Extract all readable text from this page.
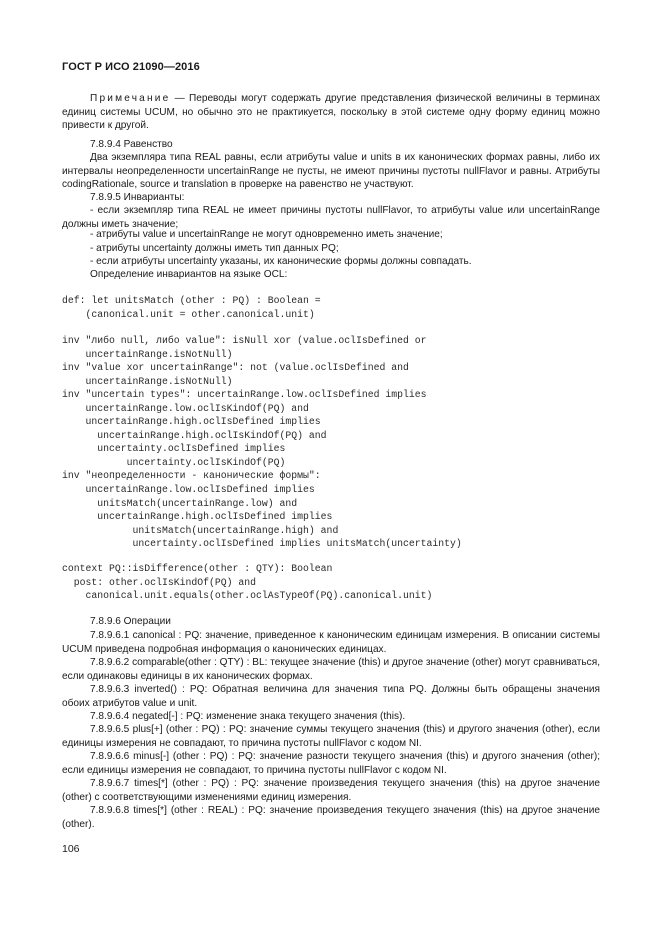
ГОСТ Р ИСО 21090—2016

Примечание — Переводы могут содержать другие представления физической величины в терминах единиц системы UCUM, но обычно это не практикуется, поскольку в этой системе одну форму единиц можно привести к другой.

7.8.9.4 Равенство

Два экземпляра типа REAL равны, если атрибуты value и units в их канонических формах равны, либо их интервалы неопределенности uncertainRange не пусты, не имеют причины пустоты nullFlavor и равны. Атрибуты codingRationale, source и translation в проверке на равенство не участвуют.

7.8.9.5 Инварианты:

- если экземпляр типа REAL не имеет причины пустоты nullFlavor, то атрибуты value или uncertainRange должны иметь значение;

- атрибуты value и uncertainRange не могут одновременно иметь значение;

- атрибуты uncertainty должны иметь тип данных PQ;

- если атрибуты uncertainty указаны, их канонические формы должны совпадать.

Определение инвариантов на языке OCL:

def: let unitsMatch (other : PQ) : Boolean =
(canonical.unit = other.canonical.unit)
inv "либо null, либо value": isNull xor (value.oclIsDefined or
uncertainRange.isNotNull)
inv "value xor uncertainRange": not (value.oclIsDefined and
uncertainRange.isNotNull)
inv "uncertain types": uncertainRange.low.oclIsDefined implies
uncertainRange.low.oclIsKindOf(PQ) and
uncertainRange.high.oclIsDefined implies
uncertainRange.high.oclIsKindOf(PQ) and
uncertainty.oclIsDefined implies
uncertainty.oclIsKindOf(PQ)
inv "неопределенности - канонические формы":
uncertainRange.low.oclIsDefined implies
unitsMatch(uncertainRange.low) and
uncertainRange.high.oclIsDefined implies
unitsMatch(uncertainRange.high) and
uncertainty.oclIsDefined implies unitsMatch(uncertainty)
context PQ::isDifference(other : QTY): Boolean
post: other.oclIsKindOf(PQ) and
canonical.unit.equals(other.oclAsTypeOf(PQ).canonical.unit)

7.8.9.6 Операции

7.8.9.6.1 canonical : PQ: значение, приведенное к каноническим единицам измерения. В описании системы UCUM приведена подробная информация о канонических единицах.

7.8.9.6.2 comparable(other : QTY) : BL: текущее значение (this) и другое значение (other) могут сравниваться, если одинаковы единицы в их канонических формах.

7.8.9.6.3 inverted() : PQ: Обратная величина для значения типа PQ. Должны быть обращены значения обоих атрибутов value и unit.

7.8.9.6.4 negated[-] : PQ: изменение знака текущего значения (this).

7.8.9.6.5 plus[+] (other : PQ) : PQ: значение суммы текущего значения (this) и другого значения (other), если единицы измерения не совпадают, то причина пустоты nullFlavor с кодом NI.

7.8.9.6.6 minus[-] (other : PQ) : PQ: значение разности текущего значения (this) и другого значения (other); если единицы измерения не совпадают, то причина пустоты nullFlavor с кодом NI.

7.8.9.6.7 times[*] (other : PQ) : PQ: значение произведения текущего значения (this) на другое значение (other) с соответствующими изменениями единиц измерения.

7.8.9.6.8 times[*] (other : REAL) : PQ: значение произведения текущего значения (this) на другое значение (other).

106
